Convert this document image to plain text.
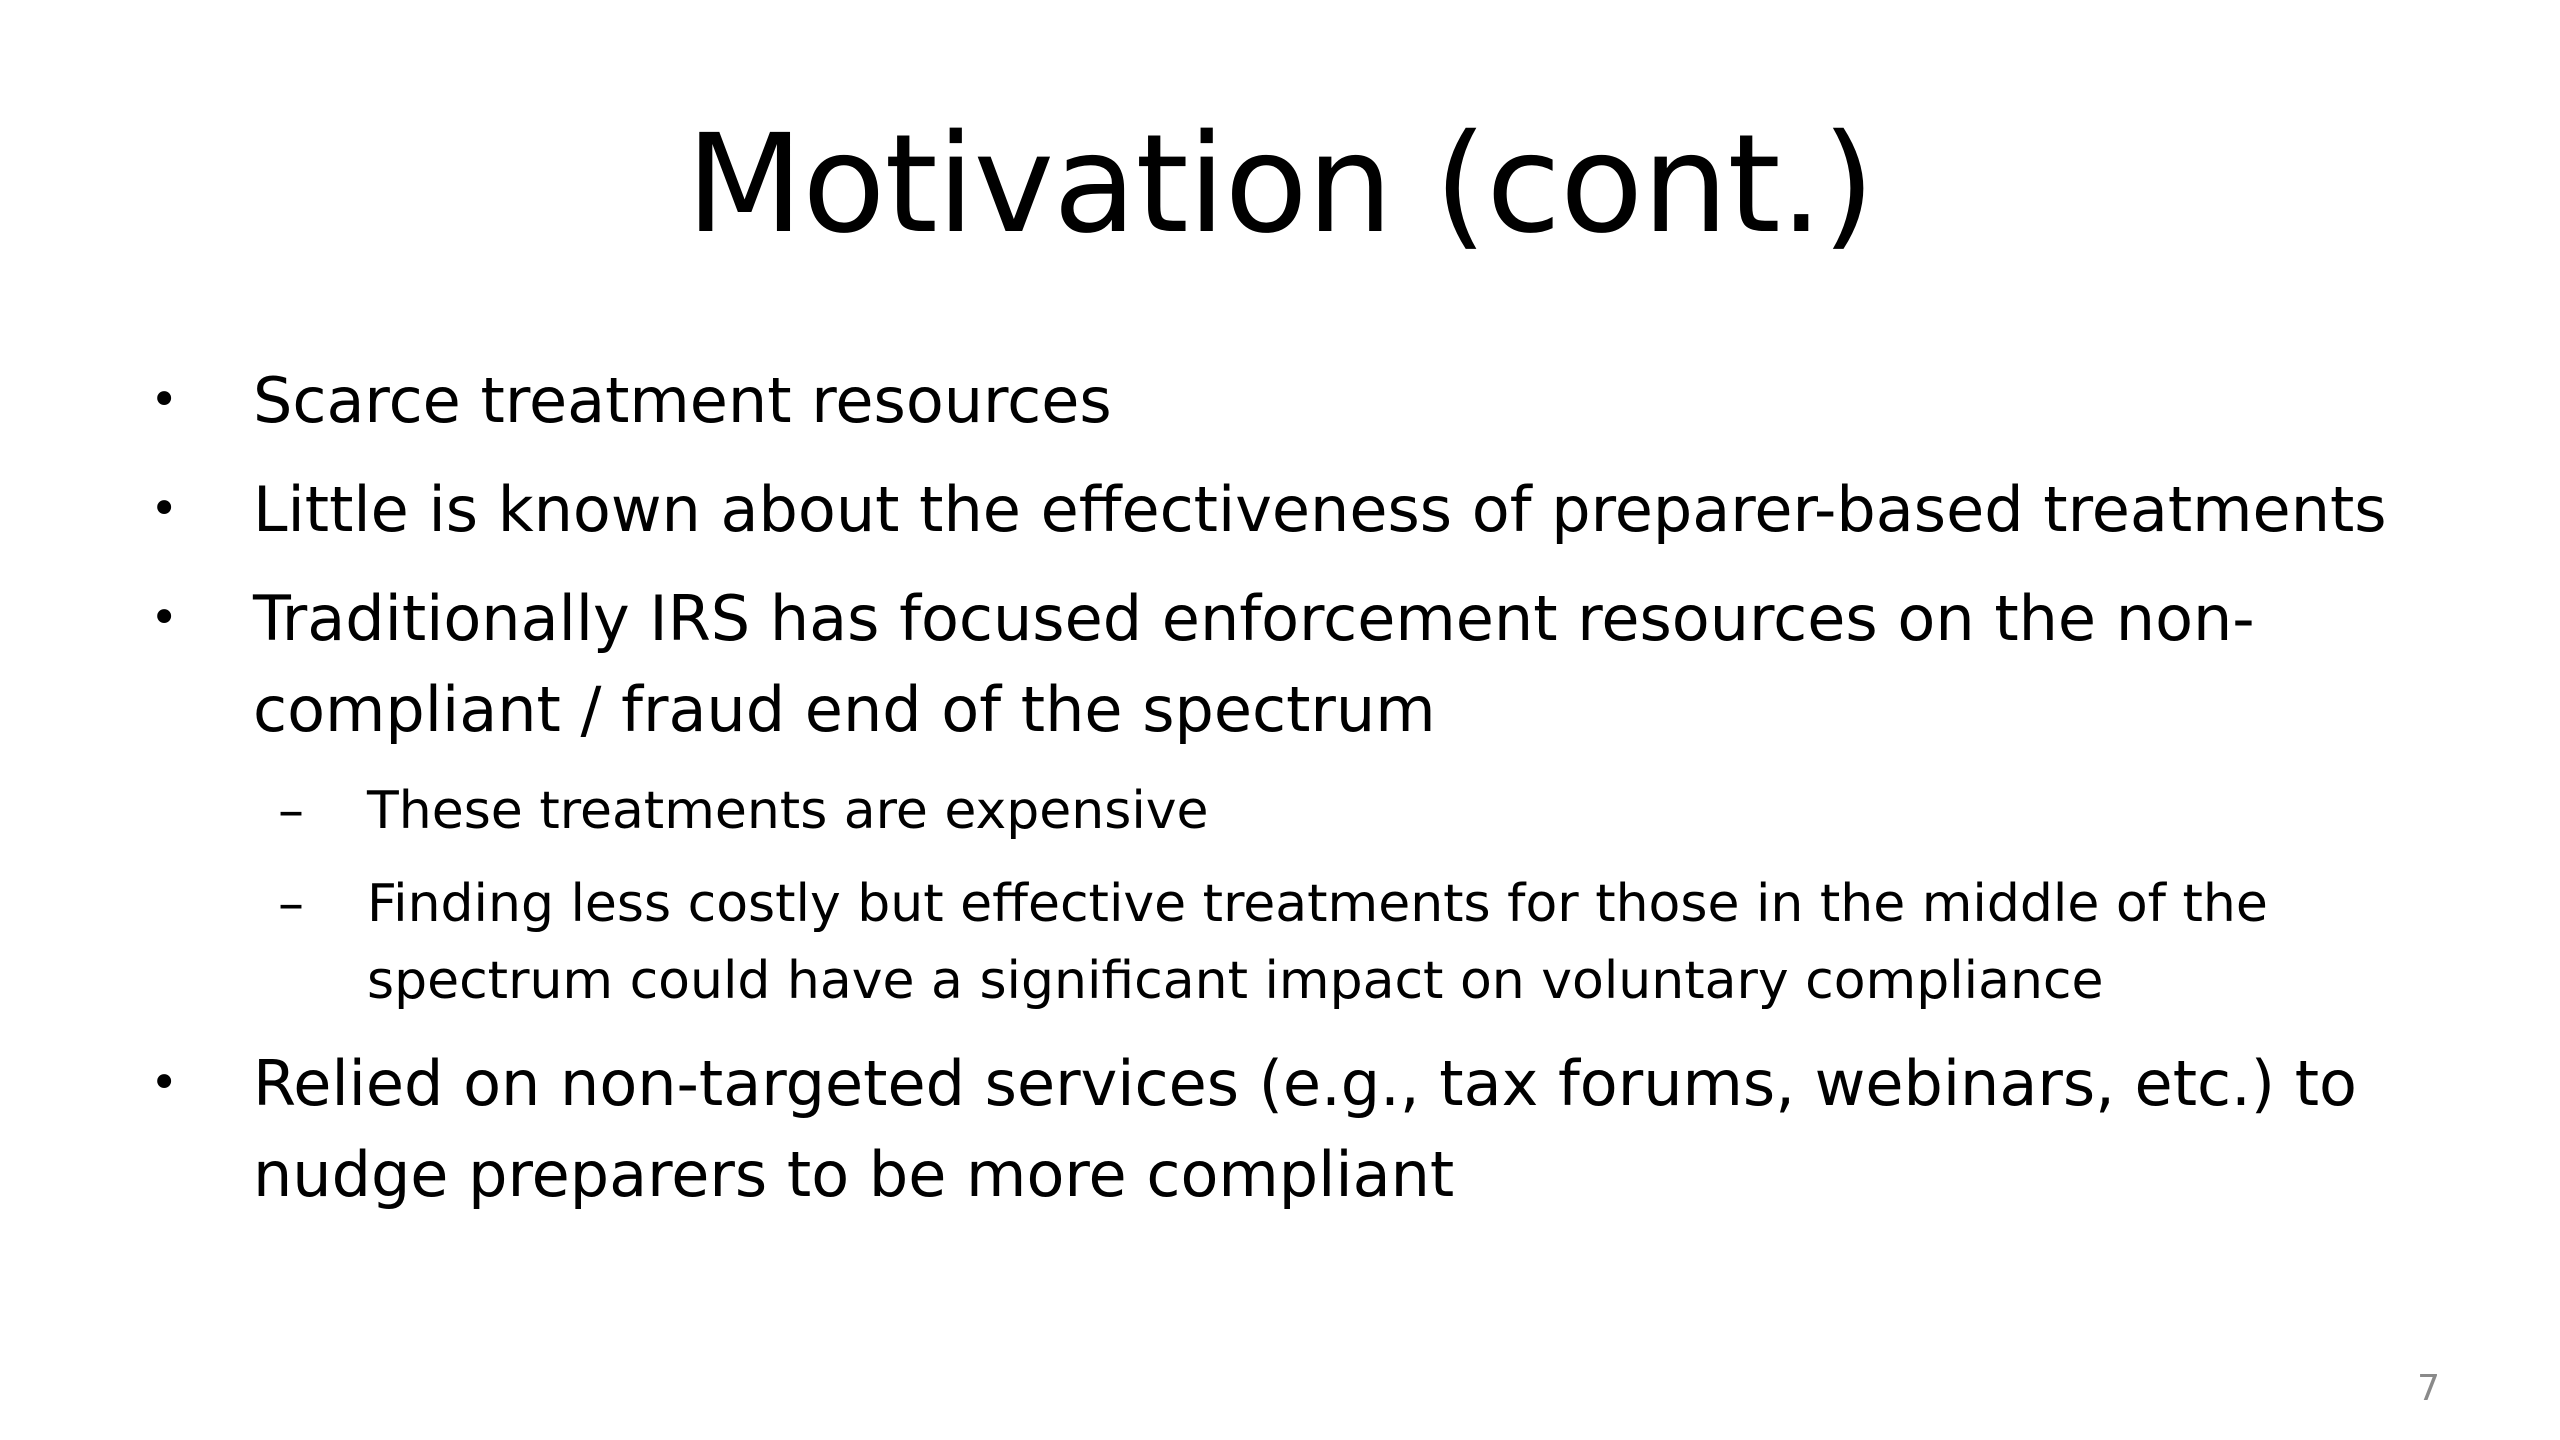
Motivation (cont.)
• Scarce treatment resources
• Little is known about the effectiveness of preparer-based treatments
• Traditionally IRS has focused enforcement resources on the non-compliant / fraud end of the spectrum
– These treatments are expensive
– Finding less costly but effective treatments for those in the middle of the spectrum could have a significant impact on voluntary compliance
• Relied on non-targeted services (e.g., tax forums, webinars, etc.) to nudge preparers to be more compliant
7
